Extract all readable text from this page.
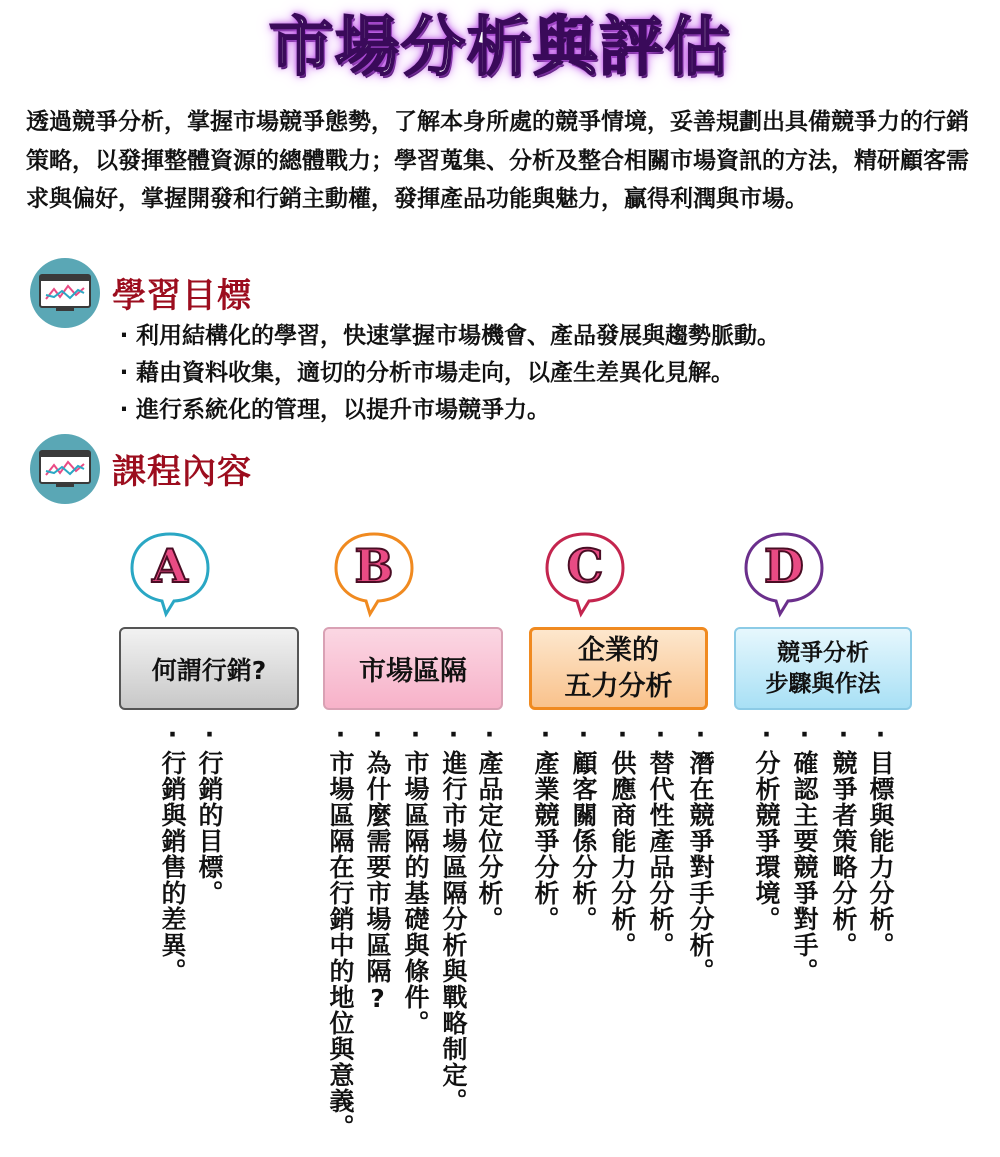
市場分析與評估
透過競爭分析，掌握市場競爭態勢，了解本身所處的競爭情境，妥善規劃出具備競爭力的行銷策略，以發揮整體資源的總體戰力；學習蒐集、分析及整合相關市場資訊的方法，精研顧客需求與偏好，掌握開發和行銷主動權，發揮產品功能與魅力，贏得利潤與市場。
學習目標
· 利用結構化的學習，快速掌握市場機會、產品發展與趨勢脈動。
· 藉由資料收集，適切的分析市場走向，以產生差異化見解。
· 進行系統化的管理，以提升市場競爭力。
課程內容
A	B	C	D
何謂行銷?	市場區隔
企業的
五力分析
競爭分析
步驟與作法
·行銷的目標。
·行銷與銷售的差異。
·產品定位分析。
·進行市場區隔分析與戰略制定。
·市場區隔的基礎與條件。
·為什麼需要市場區隔?
·市場區隔在行銷中的地位與意義。
·潛在競爭對手分析。
·替代性產品分析。
·供應商能力分析。
·顧客關係分析。
·產業競爭分析。
·目標與能力分析。
·競爭者策略分析。
·確認主要競爭對手。
·分析競爭環境。
